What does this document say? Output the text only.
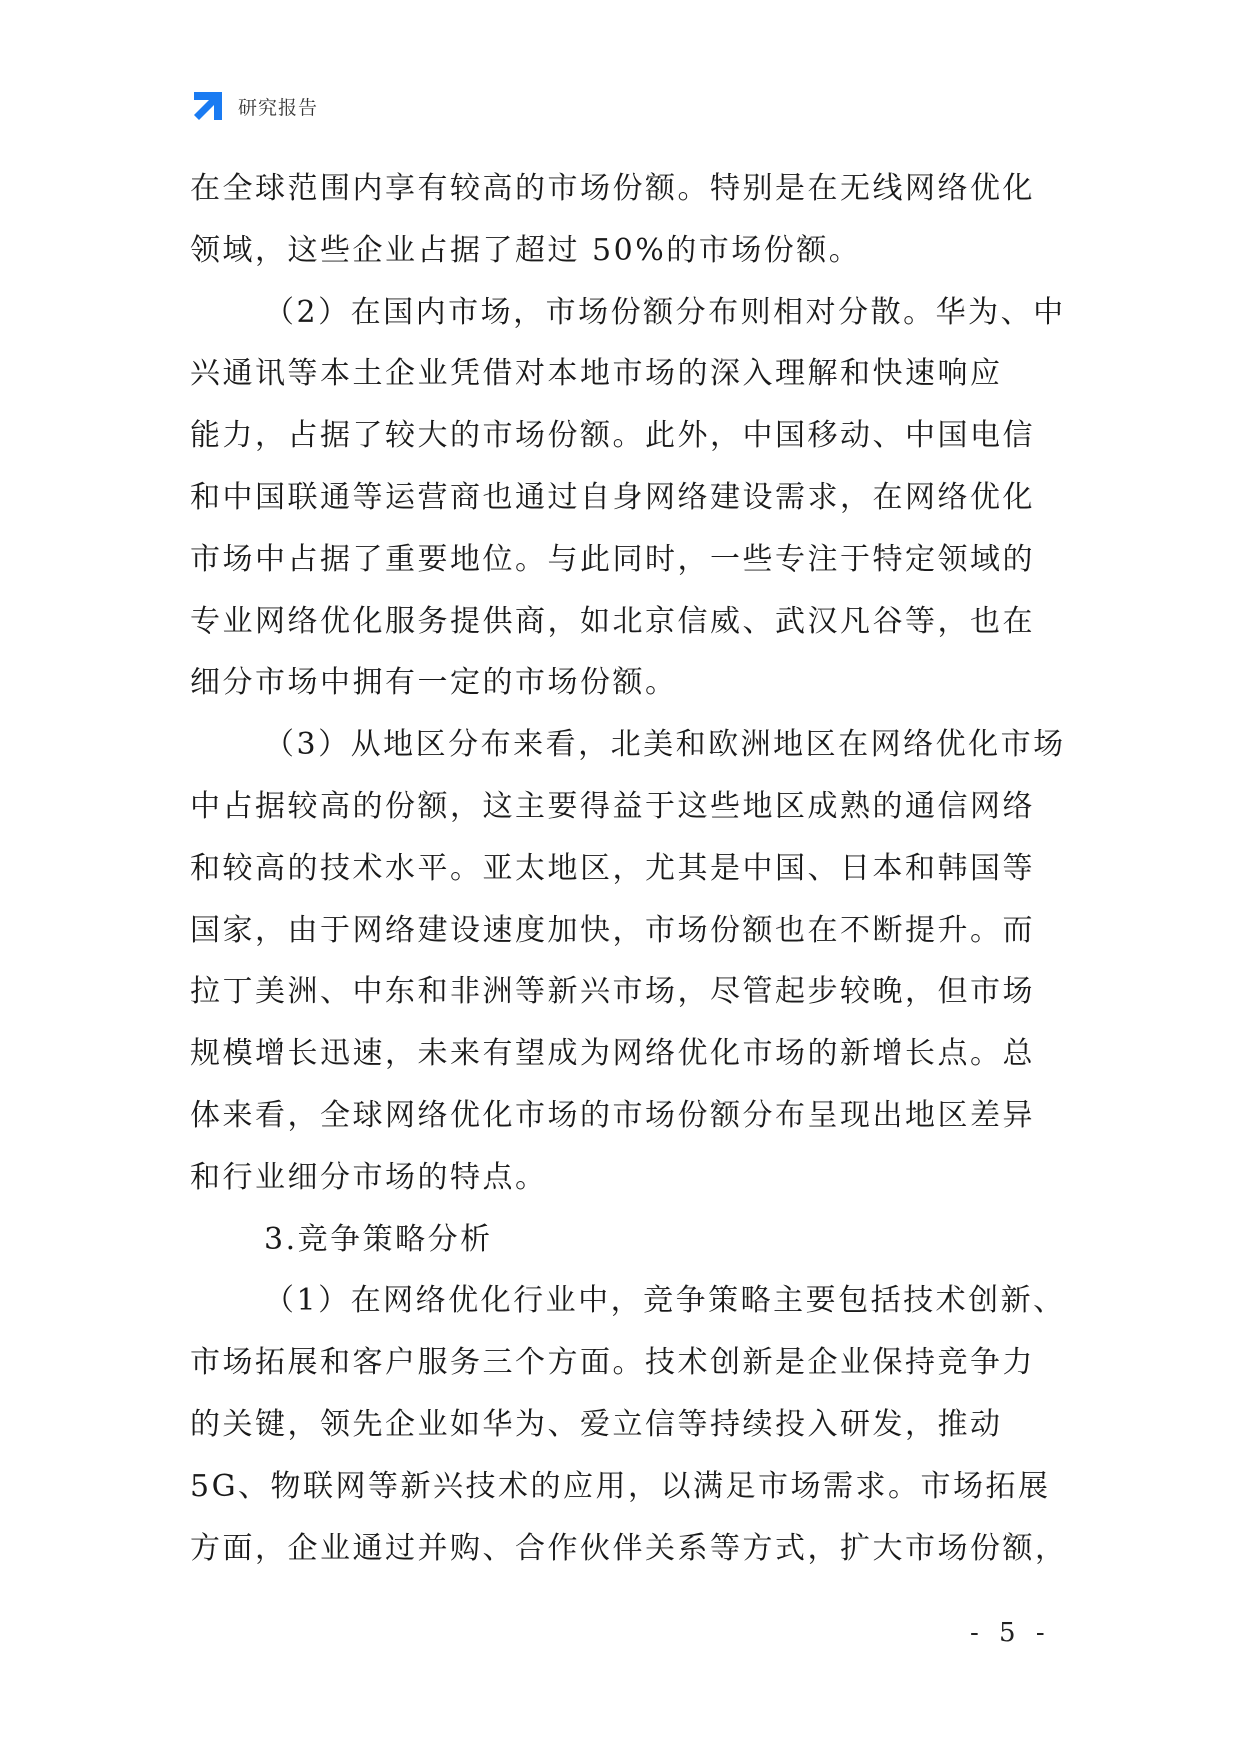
研究报告
在全球范围内享有较高的市场份额。特别是在无线网络优化
领域，这些企业占据了超过 50%的市场份额。
（2）在国内市场，市场份额分布则相对分散。华为、中
兴通讯等本土企业凭借对本地市场的深入理解和快速响应
能力，占据了较大的市场份额。此外，中国移动、中国电信
和中国联通等运营商也通过自身网络建设需求，在网络优化
市场中占据了重要地位。与此同时，一些专注于特定领域的
专业网络优化服务提供商，如北京信威、武汉凡谷等，也在
细分市场中拥有一定的市场份额。
（3）从地区分布来看，北美和欧洲地区在网络优化市场
中占据较高的份额，这主要得益于这些地区成熟的通信网络
和较高的技术水平。亚太地区，尤其是中国、日本和韩国等
国家，由于网络建设速度加快，市场份额也在不断提升。而
拉丁美洲、中东和非洲等新兴市场，尽管起步较晚，但市场
规模增长迅速，未来有望成为网络优化市场的新增长点。总
体来看，全球网络优化市场的市场份额分布呈现出地区差异
和行业细分市场的特点。
3.竞争策略分析
（1）在网络优化行业中，竞争策略主要包括技术创新、
市场拓展和客户服务三个方面。技术创新是企业保持竞争力
的关键，领先企业如华为、爱立信等持续投入研发，推动
5G、物联网等新兴技术的应用，以满足市场需求。市场拓展
方面，企业通过并购、合作伙伴关系等方式，扩大市场份额，
- 5 -
